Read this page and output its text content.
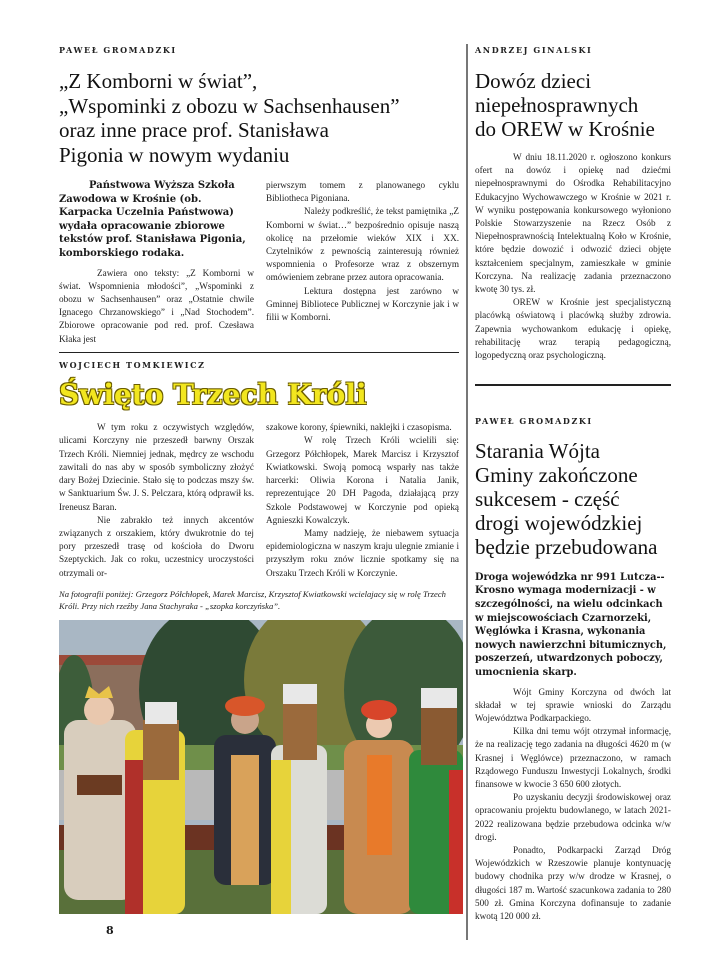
PAWEŁ GROMADZKI
„Z Komborni w świat”,
„Wspominki z obozu w Sachsenhausen”
oraz inne prace prof. Stanisława
Pigonia w nowym wydaniu

Państwowa Wyższa Szkoła Zawodowa w Krośnie (ob. Karpacka Uczelnia Państwowa) wydała opracowanie zbiorowe tekstów prof. Stanisława Pigonia, komborskiego rodaka.

Zawiera ono teksty: „Z Komborni w świat. Wspomnienia młodości”, „Wspominki z obozu w Sachsenhausen” oraz „Ostatnie chwile Ignacego Chrzanowskiego” i „Nad Stochodem”. Zbiorowe opracowanie pod red. prof. Czesława Kłaka jest

pierwszym tomem z planowanego cyklu Bibliotheca Pigoniana.

Należy podkreślić, że tekst pamiętnika „Z Komborni w świat…” bezpośrednio opisuje naszą okolicę na przełomie wieków XIX i XX. Czytelników z pewnością zainteresują również wspomnienia o Profesorze wraz z obszernym omówieniem zebrane przez autora opracowania.

Lektura dostępna jest zarówno w Gminnej Bibliotece Publicznej w Korczynie jak i w filii w Komborni.

WOJCIECH TOMKIEWICZ
Święto Trzech Króli

W tym roku z oczywistych względów, ulicami Korczyny nie przeszedł barwny Orszak Trzech Króli. Niemniej jednak, mędrcy ze wschodu zawitali do nas aby w sposób symboliczny złożyć dary Bożej Dziecinie. Stało się to podczas mszy św. w Sanktuarium Św. J. S. Pelczara, którą odprawił ks. Ireneusz Baran.

Nie zabrakło też innych akcentów związanych z orszakiem, który dwukrotnie do tej pory przeszedł trasę od kościoła do Dworu Szeptyckich. Jak co roku, uczestnicy uroczystości otrzymali or-

szakowe korony, śpiewniki, naklejki i czasopisma.

W rolę Trzech Króli wcielili się: Grzegorz Półchłopek, Marek Marcisz i Krzysztof Kwiatkowski. Swoją pomocą wsparły nas także harcerki: Oliwia Korona i Natalia Janik, reprezentujące 20 DH Pagoda, działającą przy Szkole Podstawowej w Korczynie pod opieką Agnieszki Kowalczyk.

Mamy nadzieję, że niebawem sytuacja epidemiologiczna w naszym kraju ulegnie zmianie i przyszłym roku znów licznie spotkamy się na Orszaku Trzech Króli w Korczynie.

Na fotografii poniżej: Grzegorz Półchłopek, Marek Marcisz, Krzysztof Kwiatkowski wcielajacy się w rolę Trzech Króli. Przy nich rzeźby Jana Stachyraka - „szopka korczyńska”.

8
ANDRZEJ GINALSKI
Dowóz dzieci
niepełnosprawnych
do OREW w Krośnie

W dniu 18.11.2020 r. ogłoszono konkurs ofert na dowóz i opiekę nad dziećmi niepełnosprawnymi do Ośrodka Rehabilitacyjno Edukacyjno Wychowawczego w Krośnie w 2021 r. W wyniku postępowania konkursowego wyłoniono Polskie Stowarzyszenie na Rzecz Osób z Niepełnosprawnością Intelektualną Koło w Krośnie, które będzie dowozić i odwozić dzieci objęte kształceniem specjalnym, zamieszkałe w gminie Korczyna. Na realizację zadania przeznaczono kwotę 30 tys. zł.

OREW w Krośnie jest specjalistyczną placówką oświatową i placówką służby zdrowia. Zapewnia wychowankom edukację i opiekę, rehabilitację wraz terapią pedagogiczną, logopedyczną oraz psychologiczną.

PAWEŁ GROMADZKI
Starania Wójta
Gminy zakończone
sukcesem - część
drogi wojewódzkiej
będzie przebudowana

Droga wojewódzka nr 991 Lutcza--Krosno wymaga modernizacji - w szczególności, na wielu odcinkach w miejscowościach Czarnorzeki, Węglówka i Krasna, wykonania nowych nawierzchni bitumicznych, poszerzeń, utwardzonych poboczy, umocnienia skarp.

Wójt Gminy Korczyna od dwóch lat składał w tej sprawie wnioski do Zarządu Województwa Podkarpackiego.

Kilka dni temu wójt otrzymał informację, że na realizację tego zadania na długości 4620 m (w Krasnej i Węglówce) przeznaczono, w ramach Rządowego Funduszu Inwestycji Lokalnych, środki finansowe w kwocie 3 650 600 złotych.

Po uzyskaniu decyzji środowiskowej oraz opracowaniu projektu budowlanego, w latach 2021-2022 realizowana będzie przebudowa odcinka w/w drogi.

Ponadto, Podkarpacki Zarząd Dróg Wojewódzkich w Rzeszowie planuje kontynuację budowy chodnika przy w/w drodze w Krasnej, o długości 187 m. Wartość szacunkowa zadania to 280 500 zł. Gmina Korczyna dofinansuje to zadanie kwotą 120 000 zł.
